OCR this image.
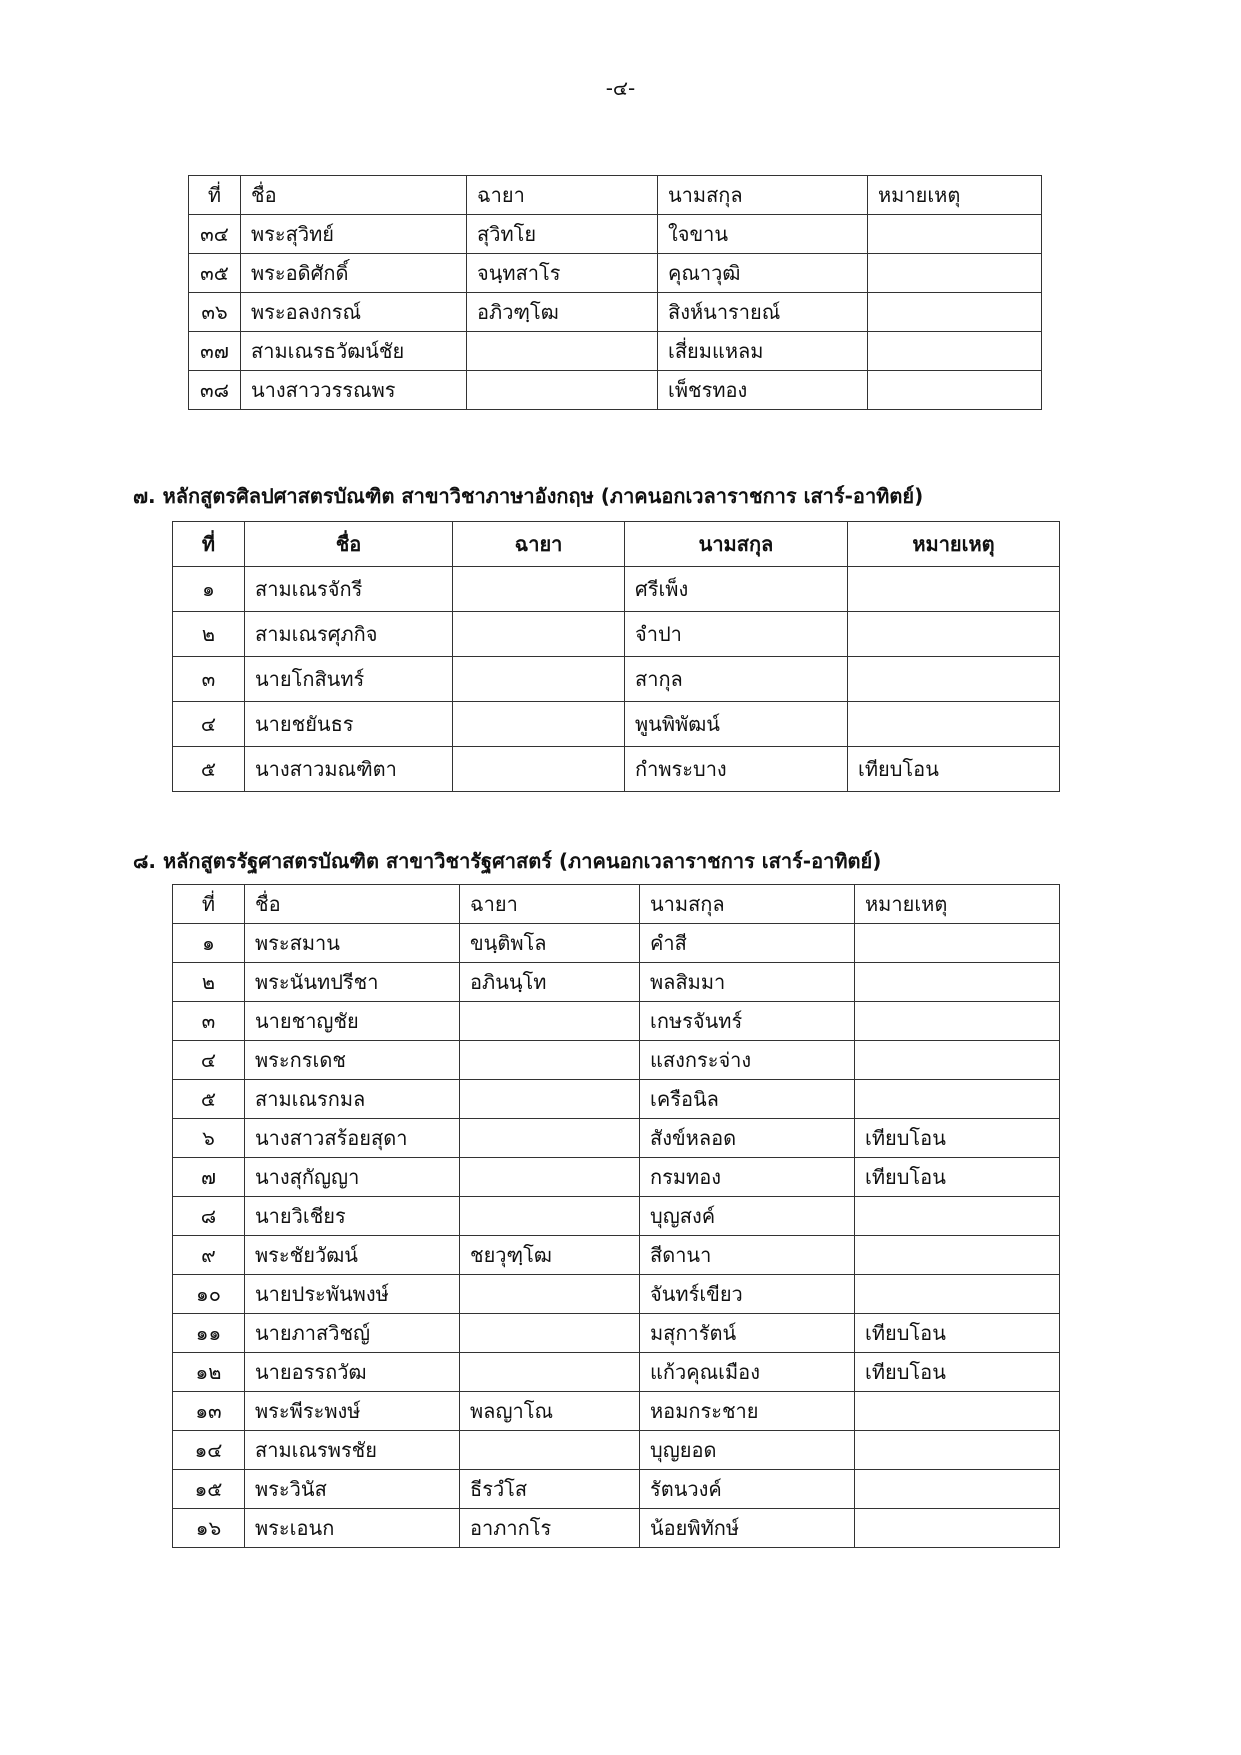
-๔-
ที่	ชื่อ	ฉายา	นามสกุล	หมายเหตุ
๓๔	พระสุวิทย์	สุวิทโย	ใจขาน	
๓๕	พระอดิศักดิ์	จนฺทสาโร	คุณาวุฒิ	
๓๖	พระอลงกรณ์	อภิวฑฺโฒ	สิงห์นารายณ์	
๓๗	สามเณรธวัฒน์ชัย		เสี่ยมแหลม	
๓๘	นางสาววรรณพร		เพ็ชรทอง	
๗. หลักสูตรศิลปศาสตรบัณฑิต สาขาวิชาภาษาอังกฤษ (ภาคนอกเวลาราชการ เสาร์-อาทิตย์)
ที่	ชื่อ	ฉายา	นามสกุล	หมายเหตุ
๑	สามเณรจักรี		ศรีเพ็ง	
๒	สามเณรศุภกิจ		จำปา	
๓	นายโกสินทร์		สากุล	
๔	นายชยันธร		พูนพิพัฒน์	
๕	นางสาวมณฑิตา		กำพระบาง	เทียบโอน
๘. หลักสูตรรัฐศาสตรบัณฑิต สาขาวิชารัฐศาสตร์ (ภาคนอกเวลาราชการ เสาร์-อาทิตย์)
ที่	ชื่อ	ฉายา	นามสกุล	หมายเหตุ
๑	พระสมาน	ขนฺติพโล	คำสี	
๒	พระนันทปรีชา	อภินนฺโท	พลสิมมา	
๓	นายชาญชัย		เกษรจันทร์	
๔	พระกรเดช		แสงกระจ่าง	
๕	สามเณรกมล		เครือนิล	
๖	นางสาวสร้อยสุดา		สังข์หลอด	เทียบโอน
๗	นางสุกัญญา		กรมทอง	เทียบโอน
๘	นายวิเชียร		บุญสงค์	
๙	พระชัยวัฒน์	ชยวุฑฺโฒ	สีดานา	
๑๐	นายประพันพงษ์		จันทร์เขียว	
๑๑	นายภาสวิชญ์		มสุการัตน์	เทียบโอน
๑๒	นายอรรถวัฒ		แก้วคุณเมือง	เทียบโอน
๑๓	พระพีระพงษ์	พลญาโณ	หอมกระชาย	
๑๔	สามเณรพรชัย		บุญยอด	
๑๕	พระวินัส	ธีรวํโส	รัตนวงค์	
๑๖	พระเอนก	อาภากโร	น้อยพิทักษ์	
